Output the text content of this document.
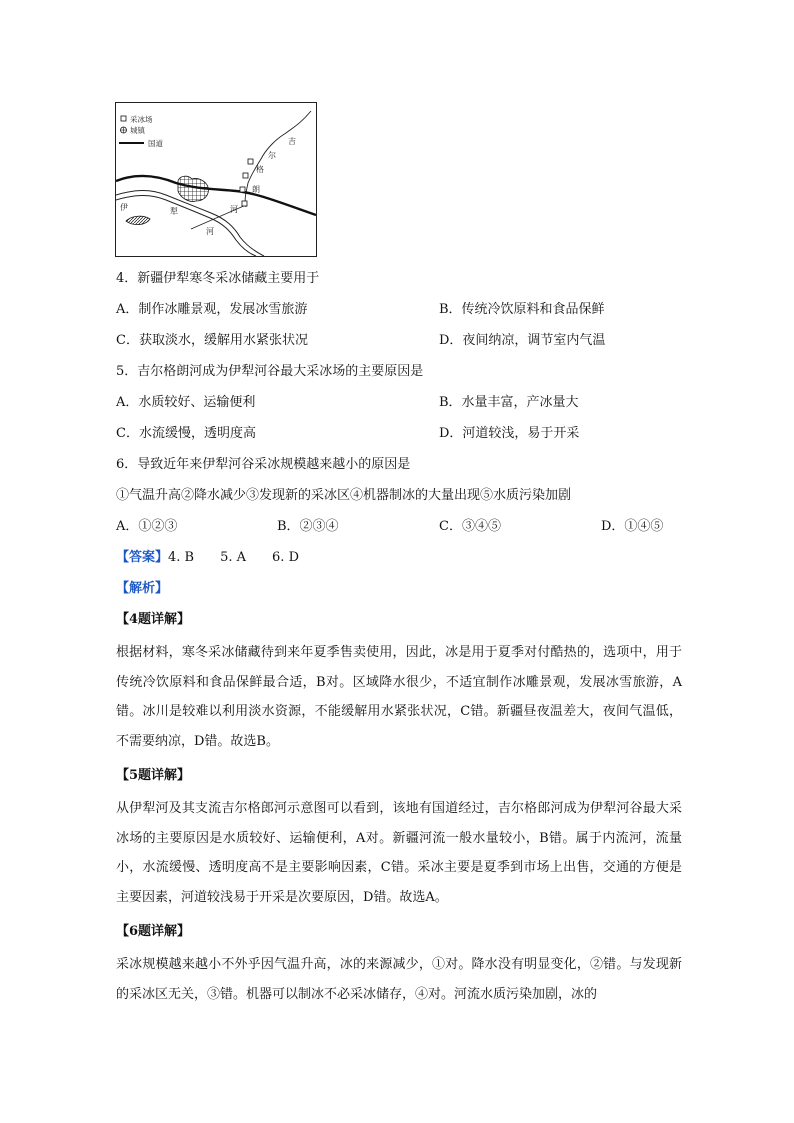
采冰场
城镇
国道	吉
尔
格
朗
河
伊	犁
河
4．新疆伊犁寒冬采冰储藏主要用于
A．制作冰雕景观，发展冰雪旅游	B．传统冷饮原料和食品保鲜
C．获取淡水，缓解用水紧张状况	D．夜间纳凉，调节室内气温
5．吉尔格朗河成为伊犁河谷最大采冰场的主要原因是
A．水质较好、运输便利	B．水量丰富，产冰量大
C．水流缓慢，透明度高	D．河道较浅，易于开采
6．导致近年来伊犁河谷采冰规模越来越小的原因是
①气温升高②降水减少③发现新的采冰区④机器制冰的大量出现⑤水质污染加剧
A．①②③	B．②③④	C．③④⑤	D．①④⑤
【答案】4. B　　5. A　　6. D
【解析】
【4题详解】
根据材料，寒冬采冰储藏待到来年夏季售卖使用，因此，冰是用于夏季对付酷热的，选项中，用于传统冷饮原料和食品保鲜最合适，B对。区域降水很少，不适宜制作冰雕景观，发展冰雪旅游，A错。冰川是较难以利用淡水资源，不能缓解用水紧张状况，C错。新疆昼夜温差大，夜间气温低，不需要纳凉，D错。故选B。
【5题详解】
从伊犁河及其支流吉尔格郎河示意图可以看到，该地有国道经过，吉尔格郎河成为伊犁河谷最大采冰场的主要原因是水质较好、运输便利，A对。新疆河流一般水量较小，B错。属于内流河，流量小，水流缓慢、透明度高不是主要影响因素，C错。采冰主要是夏季到市场上出售，交通的方便是主要因素，河道较浅易于开采是次要原因，D错。故选A。
【6题详解】
采冰规模越来越小不外乎因气温升高，冰的来源减少，①对。降水没有明显变化，②错。与发现新的采冰区无关，③错。机器可以制冰不必采冰储存，④对。河流水质污染加剧，冰的
